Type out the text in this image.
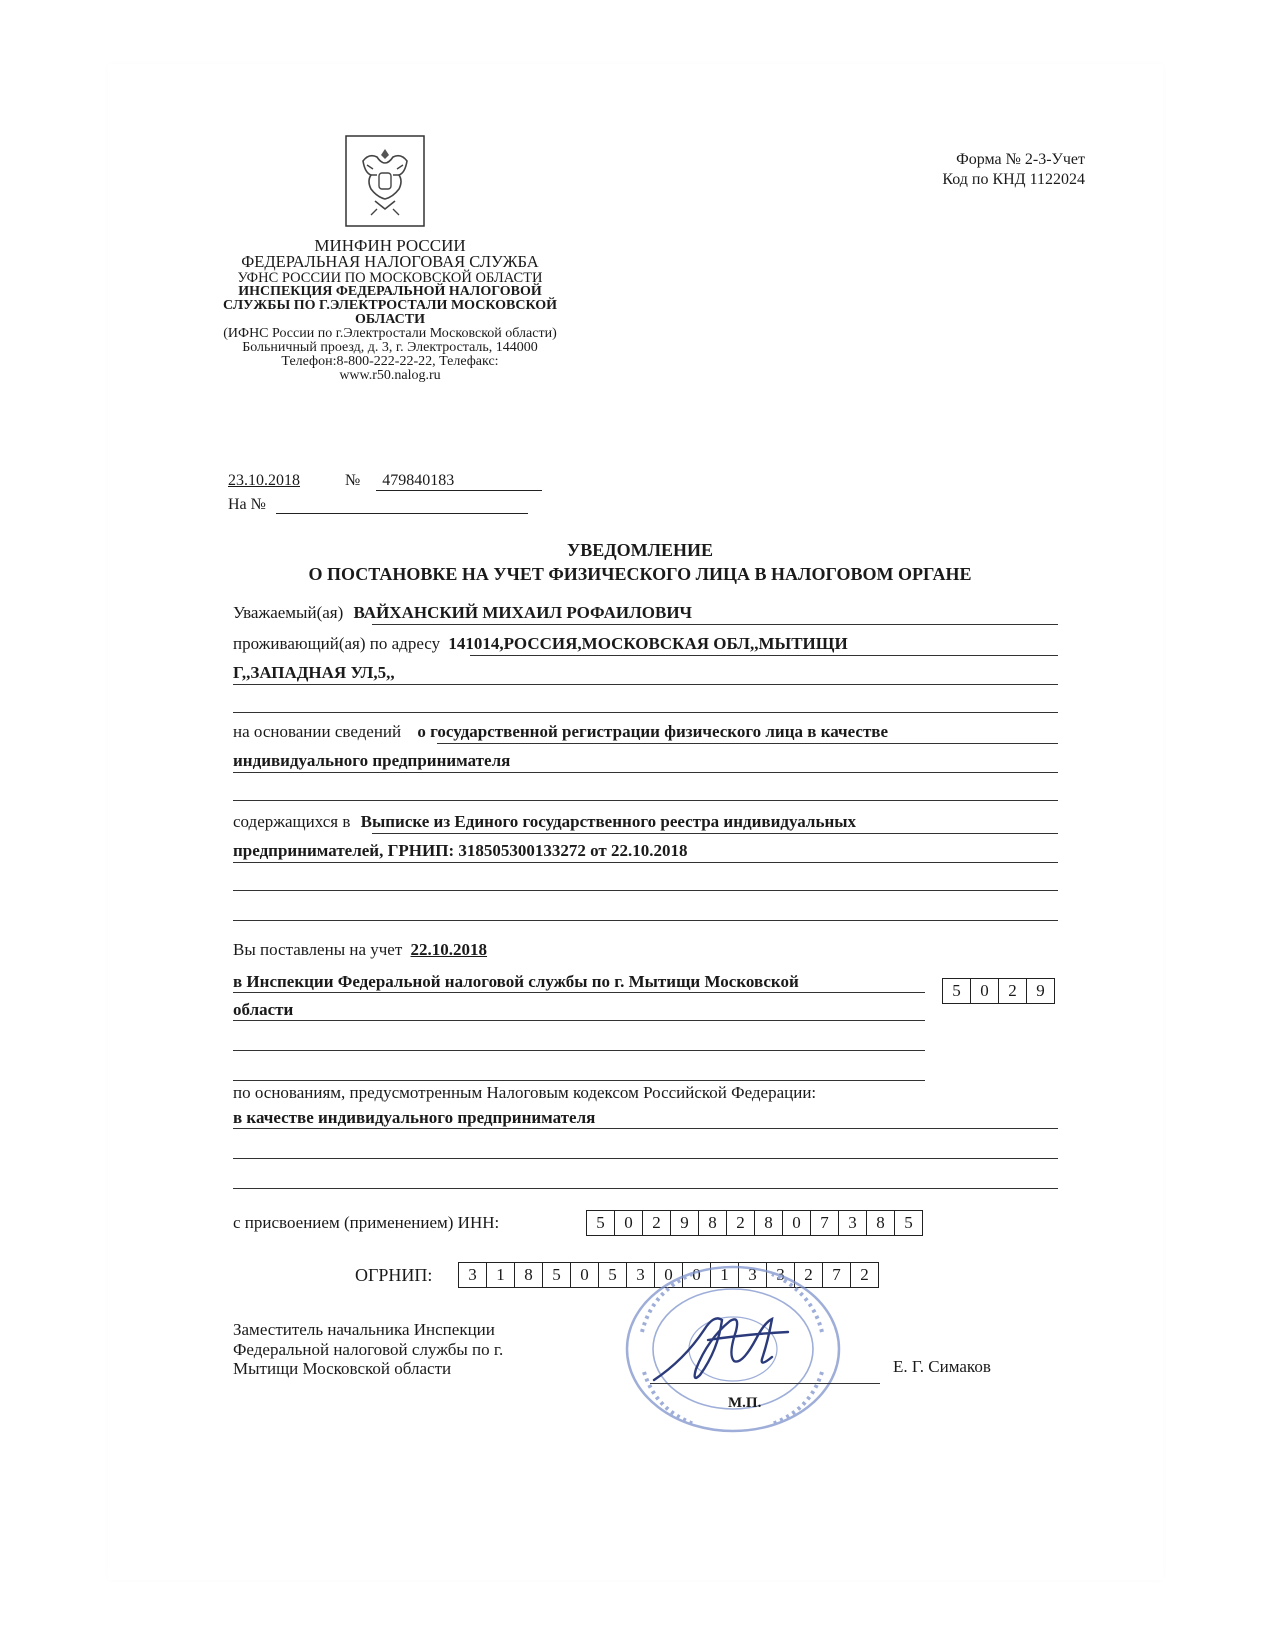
МИНФИН РОССИИ
ФЕДЕРАЛЬНАЯ НАЛОГОВАЯ СЛУЖБА
УФНС РОССИИ ПО МОСКОВСКОЙ ОБЛАСТИ
ИНСПЕКЦИЯ ФЕДЕРАЛЬНОЙ НАЛОГОВОЙ
СЛУЖБЫ ПО Г.ЭЛЕКТРОСТАЛИ МОСКОВСКОЙ
ОБЛАСТИ
(ИФНС России по г.Электростали Московской области)
Больничный проезд, д. 3, г. Электросталь, 144000
Телефон:8-800-222-22-22, Телефакс:
www.r50.nalog.ru
Форма № 2-3-Учет
Код по КНД 1122024
23.10.2018	№ 479840183
На №
УВЕДОМЛЕНИЕ
О ПОСТАНОВКЕ НА УЧЕТ ФИЗИЧЕСКОГО ЛИЦА В НАЛОГОВОМ ОРГАНЕ
Уважаемый(ая) ВАЙХАНСКИЙ МИХАИЛ РОФАИЛОВИЧ
проживающий(ая) по адресу 141014,РОССИЯ,МОСКОВСКАЯ ОБЛ,,МЫТИЩИ
Г,,ЗАПАДНАЯ УЛ,5,,
на основании сведений о государственной регистрации физического лица в качестве
индивидуального предпринимателя
содержащихся в Выписке из Единого государственного реестра индивидуальных
предпринимателей, ГРНИП: 318505300133272 от 22.10.2018
Вы поставлены на учет 22.10.2018
в Инспекции Федеральной налоговой службы по г. Мытищи Московской
области
5	0	2	9
по основаниям, предусмотренным Налоговым кодексом Российской Федерации:
в качестве индивидуального предпринимателя
с присвоением (применением) ИНН:	5	0	2	9	8	2	8	0	7	3	8	5
ОГРНИП:	3	1	8	5	0	5	3	0	0	1	3	3	2	7	2
М.П.
Заместитель начальника Инспекции
Федеральной налоговой службы по г.
Мытищи Московской области	Е. Г. Симаков
